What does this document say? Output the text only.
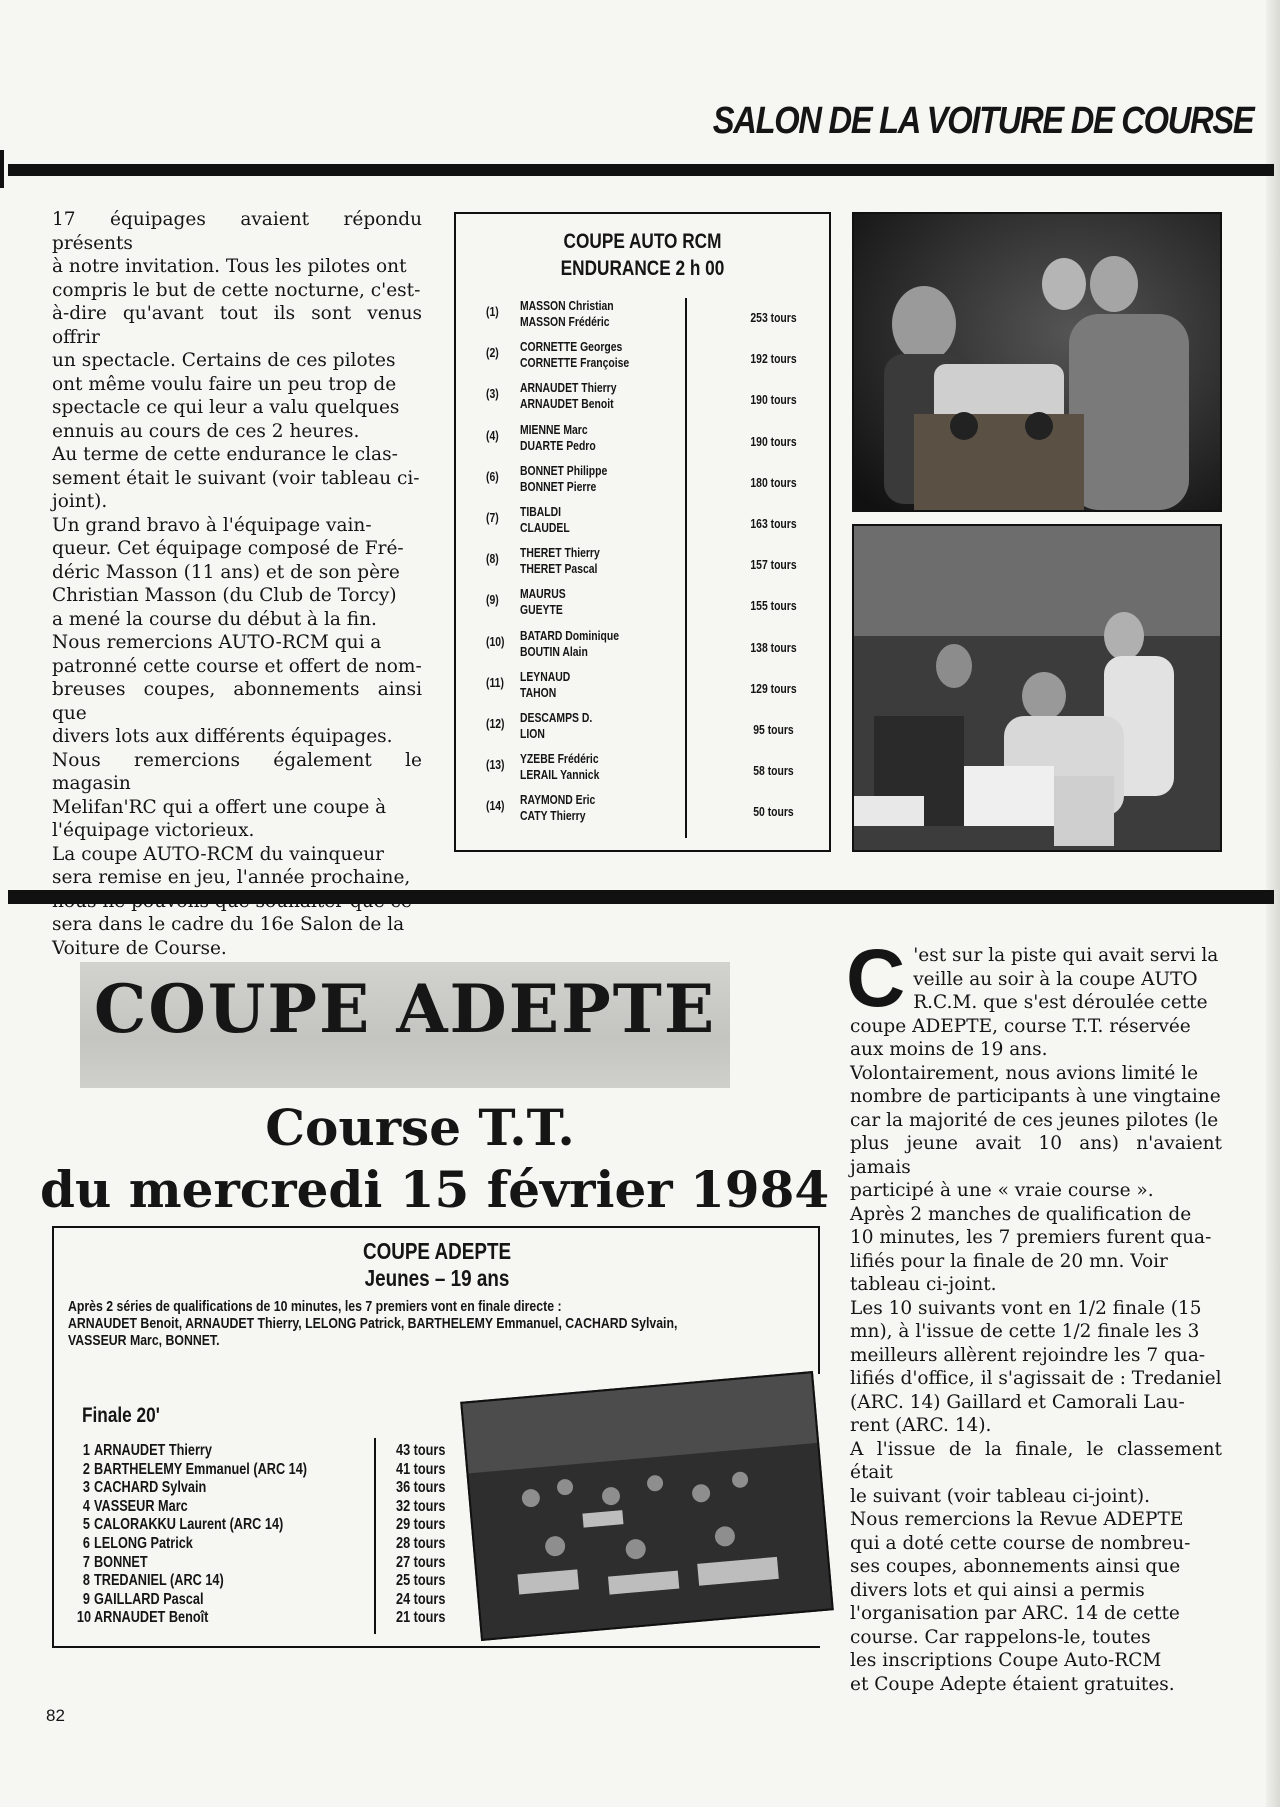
SALON DE LA VOITURE DE COURSE

17 équipages avaient répondu présents
à notre invitation. Tous les pilotes ont
compris le but de cette nocturne, c'est-
à-dire qu'avant tout ils sont venus offrir
un spectacle. Certains de ces pilotes
ont même voulu faire un peu trop de
spectacle ce qui leur a valu quelques
ennuis au cours de ces 2 heures.
Au terme de cette endurance le clas-
sement était le suivant (voir tableau ci-
joint).
Un grand bravo à l'équipage vain-
queur. Cet équipage composé de Fré-
déric Masson (11 ans) et de son père
Christian Masson (du Club de Torcy)
a mené la course du début à la fin.
Nous remercions AUTO-RCM qui a
patronné cette course et offert de nom-
breuses coupes, abonnements ainsi que
divers lots aux différents équipages.
Nous remercions également le magasin
Melifan'RC qui a offert une coupe à
l'équipage victorieux.
La coupe AUTO-RCM du vainqueur
sera remise en jeu, l'année prochaine,
sera dans le cadre du 16e Salon de la
Voiture de Course.

COUPE AUTO RCM
ENDURANCE 2 h 00
(1) MASSON Christian
MASSON Frédéric	253 tours
(2) CORNETTE Georges
CORNETTE Françoise	192 tours
(3) ARNAUDET Thierry
ARNAUDET Benoit	190 tours
(4) MIENNE Marc
DUARTE Pedro	190 tours
(6) BONNET Philippe
BONNET Pierre	180 tours
(7) TIBALDI
CLAUDEL	163 tours
(8) THERET Thierry
THERET Pascal	157 tours
(9) MAURUS
GUEYTE	155 tours
(10) BATARD Dominique
BOUTIN Alain	138 tours
(11) LEYNAUD
TAHON	129 tours
(12) DESCAMPS D.
LION	95 tours
(13) YZEBE Frédéric
LERAIL Yannick	58 tours
(14) RAYMOND Eric
CATY Thierry	50 tours
COUPE ADEPTE
Course T.T.
du mercredi 15 février 1984
COUPE ADEPTE
Jeunes – 19 ans
Après 2 séries de qualifications de 10 minutes, les 7 premiers vont en finale directe :
ARNAUDET Benoit, ARNAUDET Thierry, LELONG Patrick, BARTHELEMY Emmanuel, CACHARD Sylvain,
VASSEUR Marc, BONNET.
Finale 20'
1 ARNAUDET Thierry	43 tours
2 BARTHELEMY Emmanuel (ARC 14)	41 tours
3 CACHARD Sylvain	36 tours
4 VASSEUR Marc	32 tours
5 CALORAKKU Laurent (ARC 14)	29 tours
6 LELONG Patrick	28 tours
7 BONNET	27 tours
8 TREDANIEL (ARC 14)	25 tours
9 GAILLARD Pascal	24 tours
10 ARNAUDET Benoît	21 tours
C 'est sur la piste qui avait servi la
veille au soir à la coupe AUTO
R.C.M. que s'est déroulée cette
coupe ADEPTE, course T.T. réservée
aux moins de 19 ans.
Volontairement, nous avions limité le
nombre de participants à une vingtaine
car la majorité de ces jeunes pilotes (le
plus jeune avait 10 ans) n'avaient jamais
participé à une « vraie course ».
Après 2 manches de qualification de
10 minutes, les 7 premiers furent qua-
lifiés pour la finale de 20 mn. Voir
tableau ci-joint.
Les 10 suivants vont en 1/2 finale (15
mn), à l'issue de cette 1/2 finale les 3
meilleurs allèrent rejoindre les 7 qua-
lifiés d'office, il s'agissait de : Tredaniel
(ARC. 14) Gaillard et Camorali Lau-
rent (ARC. 14).
A l'issue de la finale, le classement était
le suivant (voir tableau ci-joint).
Nous remercions la Revue ADEPTE
qui a doté cette course de nombreu-
ses coupes, abonnements ainsi que
divers lots et qui ainsi a permis
l'organisation par ARC. 14 de cette
course. Car rappelons-le, toutes
les inscriptions Coupe Auto-RCM
et Coupe Adepte étaient gratuites.

82
